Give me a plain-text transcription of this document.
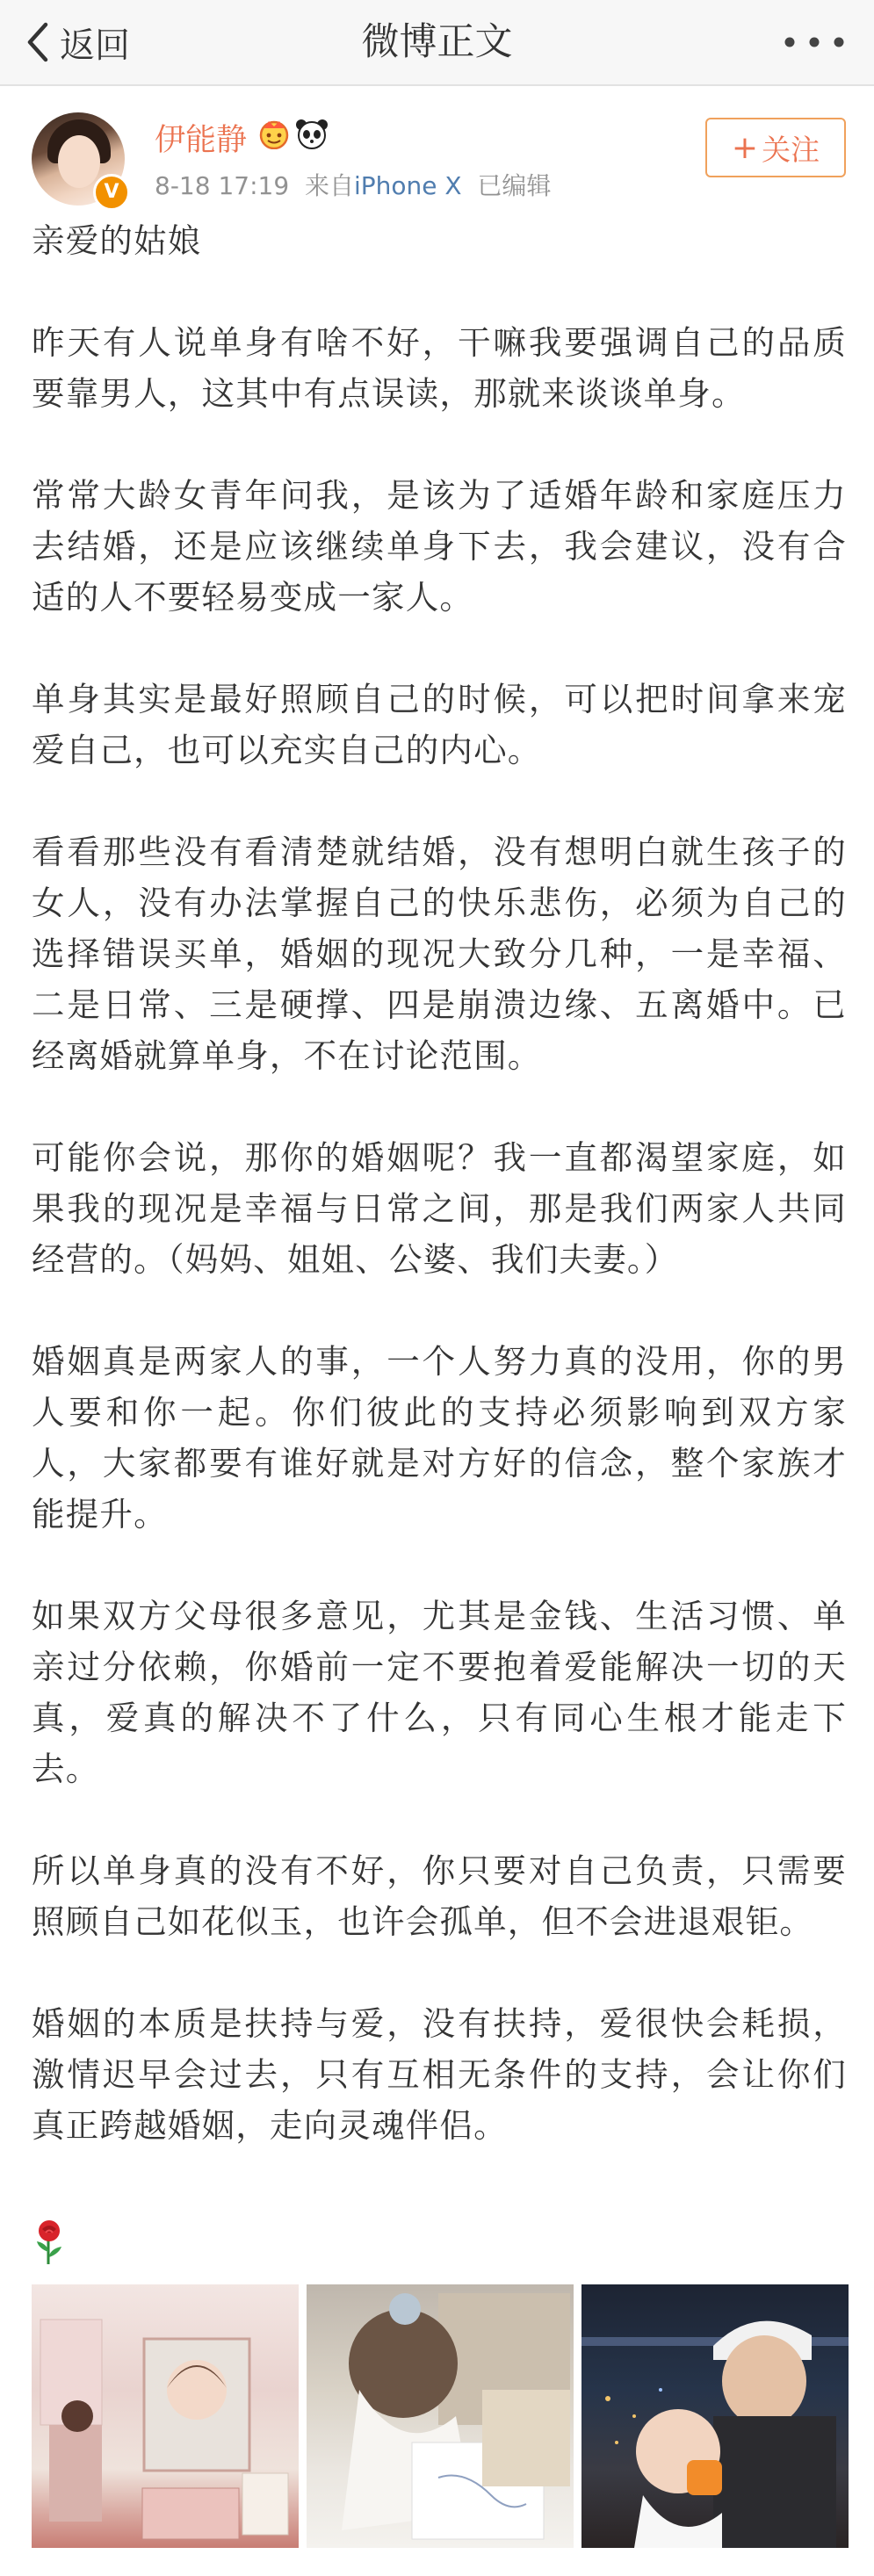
返回	微博正文
V
伊能静
8-18 17:19 来自iPhone X 已编辑
+ 关注

亲爱的姑娘

昨天有人说单身有啥不好，干嘛我要强调自己的品质要靠男人，这其中有点误读，那就来谈谈单身。

常常大龄女青年问我，是该为了适婚年龄和家庭压力去结婚，还是应该继续单身下去，我会建议，没有合适的人不要轻易变成一家人。

单身其实是最好照顾自己的时候，可以把时间拿来宠爱自己，也可以充实自己的内心。

看看那些没有看清楚就结婚，没有想明白就生孩子的女人，没有办法掌握自己的快乐悲伤，必须为自己的选择错误买单，婚姻的现况大致分几种，一是幸福、二是日常、三是硬撑、四是崩溃边缘、五离婚中。已经离婚就算单身，不在讨论范围。

可能你会说，那你的婚姻呢？我一直都渴望家庭，如果我的现况是幸福与日常之间，那是我们两家人共同经营的。（妈妈、姐姐、公婆、我们夫妻。）

婚姻真是两家人的事，一个人努力真的没用，你的男人要和你一起。你们彼此的支持必须影响到双方家人，大家都要有谁好就是对方好的信念，整个家族才能提升。

如果双方父母很多意见，尤其是金钱、生活习惯、单亲过分依赖，你婚前一定不要抱着爱能解决一切的天真，爱真的解决不了什么，只有同心生根才能走下去。

所以单身真的没有不好，你只要对自己负责，只需要照顾自己如花似玉，也许会孤单，但不会进退艰钜。

婚姻的本质是扶持与爱，没有扶持，爱很快会耗损，激情迟早会过去，只有互相无条件的支持，会让你们真正跨越婚姻，走向灵魂伴侣。
